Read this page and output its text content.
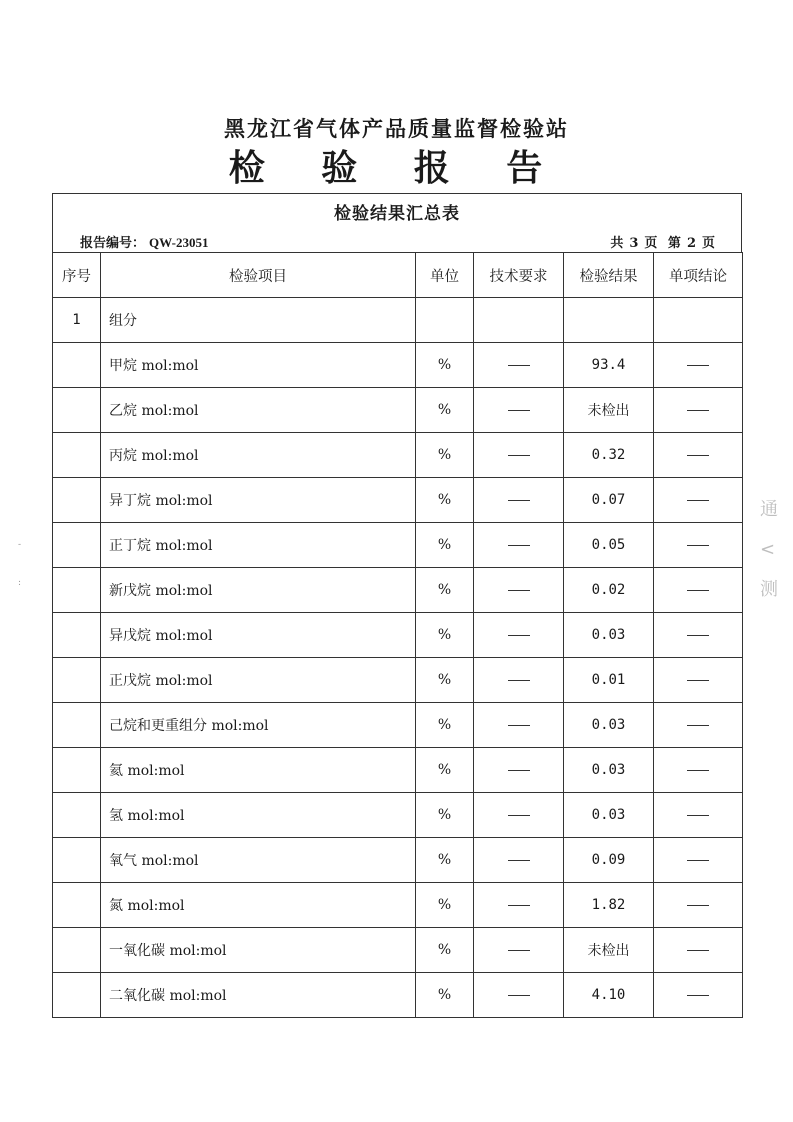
黑龙江省气体产品质量监督检验站
检 验 报 告
检验结果汇总表
报告编号： QW-23051	共 3 页 第 2 页
序号	检验项目	单位	技术要求	检验结果	单项结论
1	组分				
	甲烷 mol:mol	%		93.4	
	乙烷 mol:mol	%		未检出	
	丙烷 mol:mol	%		0.32	
	异丁烷 mol:mol	%		0.07	
	正丁烷 mol:mol	%		0.05	
	新戊烷 mol:mol	%		0.02	
	异戊烷 mol:mol	%		0.03	
	正戊烷 mol:mol	%		0.01	
	己烷和更重组分 mol:mol	%		0.03	
	氦 mol:mol	%		0.03	
	氢 mol:mol	%		0.03	
	氧气 mol:mol	%		0.09	
	氮 mol:mol	%		1.82	
	一氧化碳 mol:mol	%		未检出	
	二氧化碳 mol:mol	%		4.10	
通
<
测
-
:
